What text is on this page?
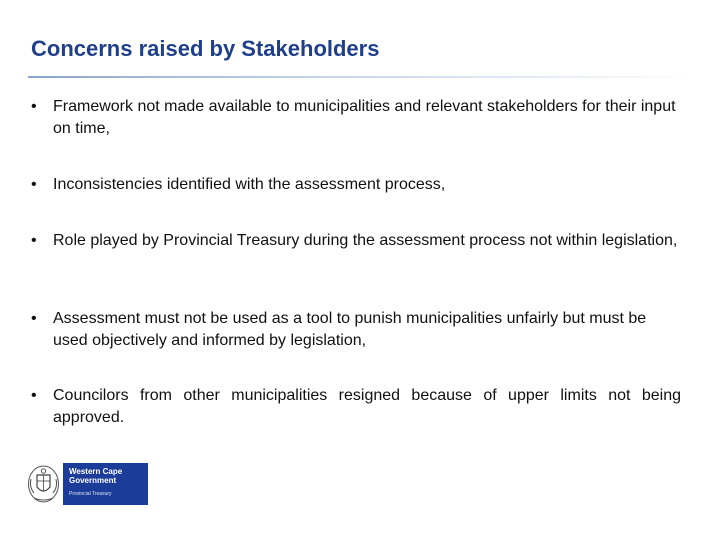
Concerns raised by Stakeholders
• Framework not made available to municipalities and relevant stakeholders for their input on time,
• Inconsistencies identified with the assessment process,
• Role played by Provincial Treasury during the assessment process not within legislation,
• Assessment must not be used as a tool to punish municipalities unfairly but must be used objectively and informed by legislation,
• Councilors from other municipalities resigned because of upper limits not being approved.
Western Cape
Government
Provincial Treasury
